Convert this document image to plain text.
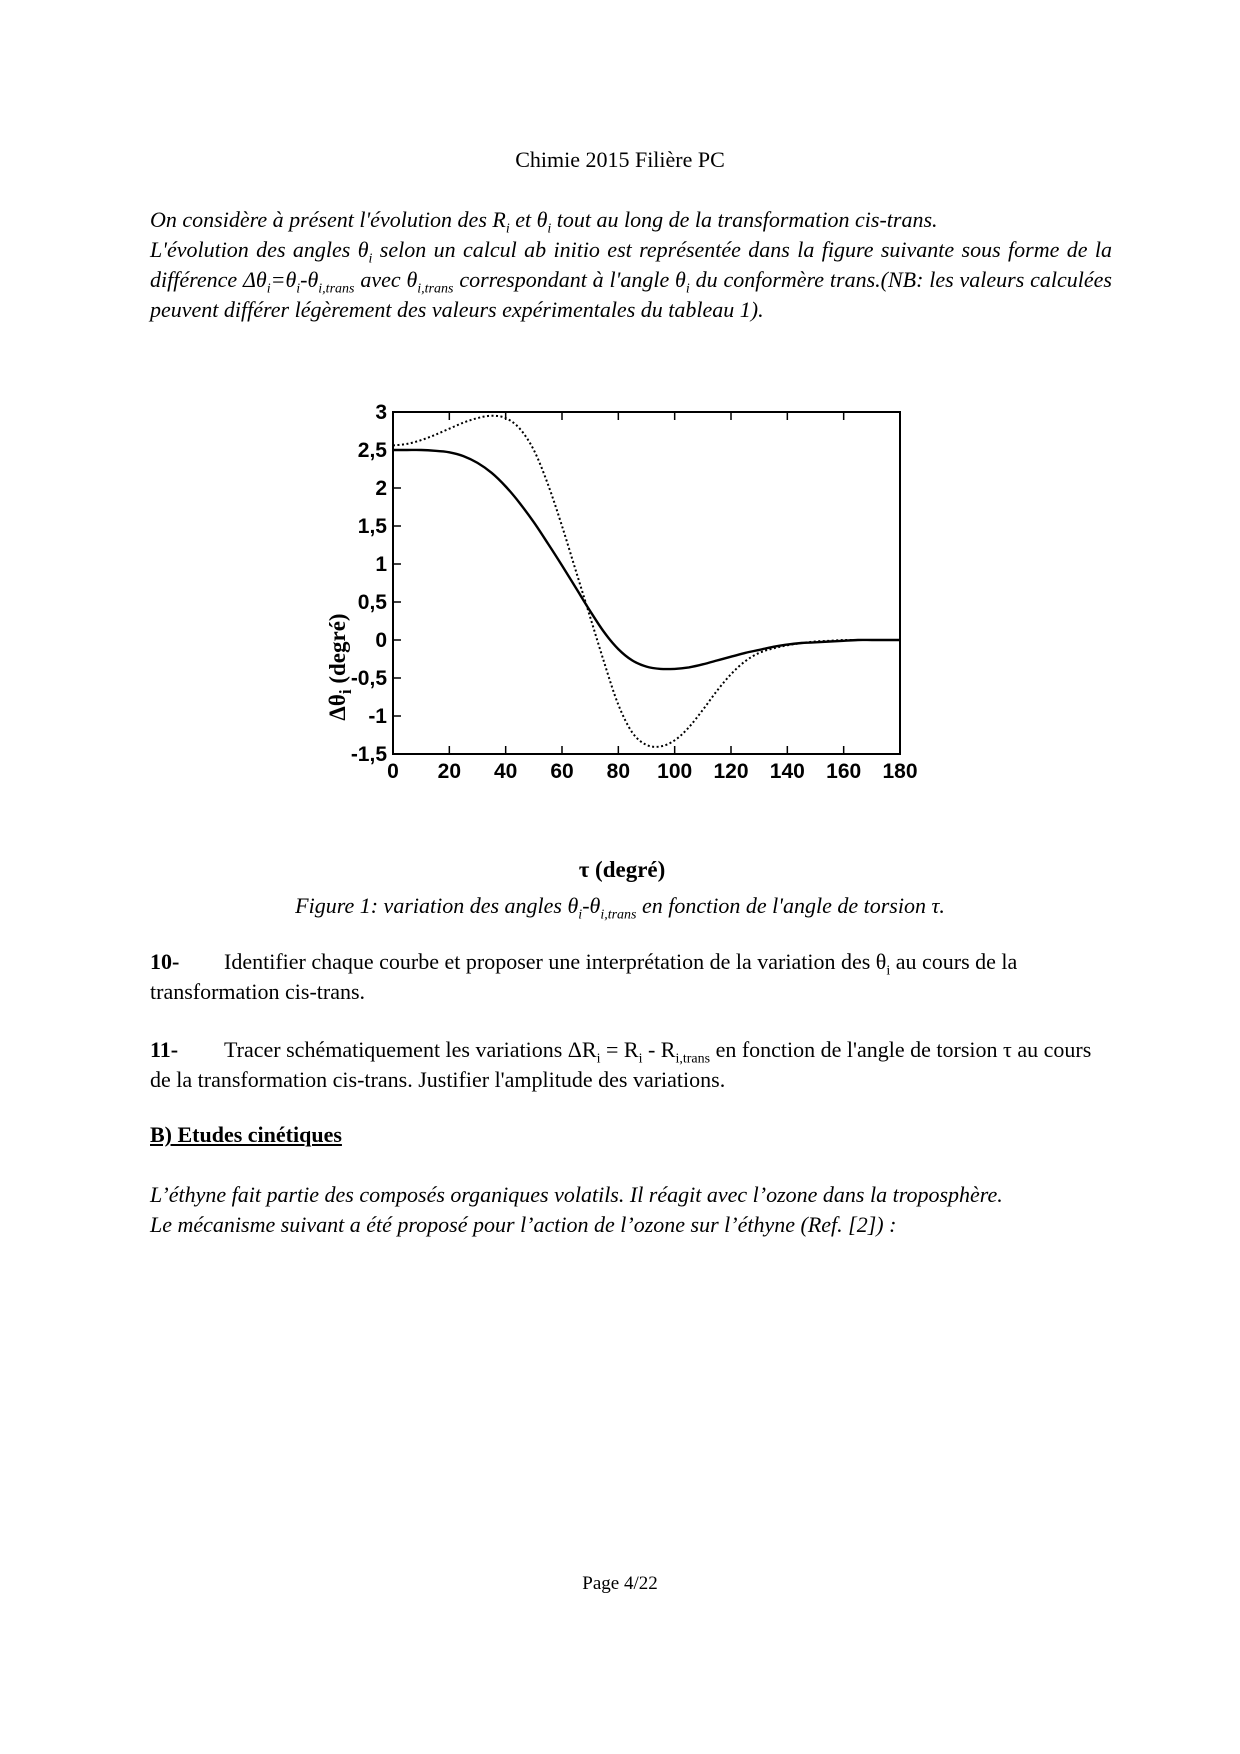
Chimie 2015 Filière PC

On considère à présent l'évolution des $R_i$ et $\theta_i$ tout au long de la transformation cis-trans.

L'évolution des angles $\theta_i$ selon un calcul ab initio est représentée dans la figure suivante sous forme de la différence $\Delta\theta_i=\theta_i-\theta_{i,trans}$ avec $\theta_{i,trans}$ correspondant à l'angle $\theta_i$ du conformère trans.(NB: les valeurs calculées peuvent différer légèrement des valeurs expérimentales du tableau 1).

0 20 40 60 80 100 120 140 160 180
-1,5
-1
-0,5
0
0,5
1
1,5
2
2,5
3
τ (degré)
$\Delta\theta_i$ (degré)
Figure 1: variation des angles $\theta_i-\theta_{i,trans}$ en fonction de l'angle de torsion τ.
10- Identifier chaque courbe et proposer une interprétation de la variation des $\theta_i$ au cours de la transformation cis-trans.
11- Tracer schématiquement les variations $\Delta R_i = R_i - R_{i,trans}$ en fonction de l'angle de torsion τ au cours de la transformation cis-trans. Justifier l'amplitude des variations.
B) Etudes cinétiques

L’éthyne fait partie des composés organiques volatils. Il réagit avec l’ozone dans la troposphère.

Le mécanisme suivant a été proposé pour l’action de l’ozone sur l’éthyne (Ref. [2]) :

Page 4/22
